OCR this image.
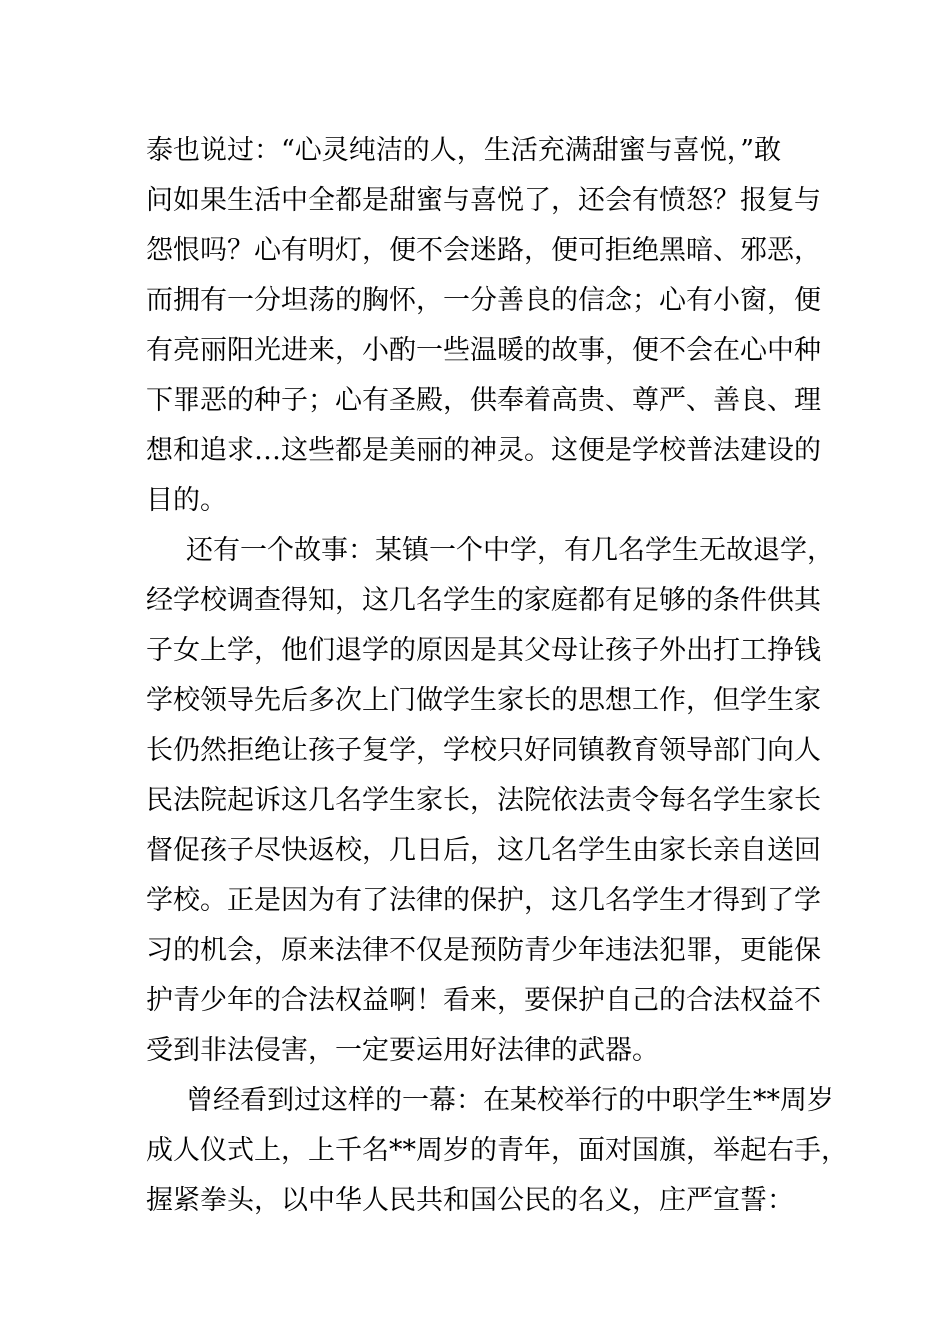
泰也说过：“心灵纯洁的人，生活充满甜蜜与喜悦，”敢
问如果生活中全都是甜蜜与喜悦了，还会有愤怒？报复与
怨恨吗？心有明灯，便不会迷路，便可拒绝黑暗、邪恶，
而拥有一分坦荡的胸怀，一分善良的信念；心有小窗，便
有亮丽阳光进来，小酌一些温暖的故事，便不会在心中种
下罪恶的种子；心有圣殿，供奉着高贵、尊严、善良、理
想和追求…这些都是美丽的神灵。这便是学校普法建设的
目的。
还有一个故事：某镇一个中学，有几名学生无故退学，
经学校调查得知，这几名学生的家庭都有足够的条件供其
子女上学，他们退学的原因是其父母让孩子外出打工挣钱
学校领导先后多次上门做学生家长的思想工作，但学生家
长仍然拒绝让孩子复学，学校只好同镇教育领导部门向人
民法院起诉这几名学生家长，法院依法责令每名学生家长
督促孩子尽快返校，几日后，这几名学生由家长亲自送回
学校。正是因为有了法律的保护，这几名学生才得到了学
习的机会，原来法律不仅是预防青少年违法犯罪，更能保
护青少年的合法权益啊！看来，要保护自己的合法权益不
受到非法侵害，一定要运用好法律的武器。
曾经看到过这样的一幕：在某校举行的中职学生**周岁
成人仪式上，上千名**周岁的青年，面对国旗，举起右手，
握紧拳头，以中华人民共和国公民的名义，庄严宣誓：
